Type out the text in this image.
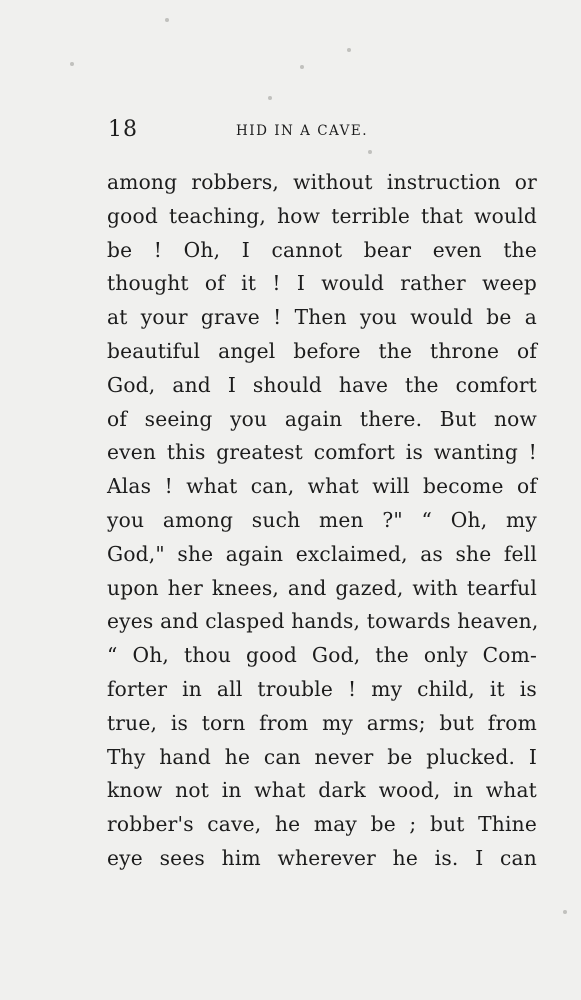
18	HID IN A CAVE.
among robbers, without instruction or
good teaching, how terrible that would
be ! Oh, I cannot bear even the
thought of it ! I would rather weep
at your grave ! Then you would be a
beautiful angel before the throne of
God, and I should have the comfort
of seeing you again there. But now
even this greatest comfort is wanting !
Alas ! what can, what will become of
you among such men ?" “ Oh, my
God," she again exclaimed, as she fell
upon her knees, and gazed, with tearful
eyes and clasped hands, towards heaven,
“ Oh, thou good God, the only Com-
forter in all trouble ! my child, it is
true, is torn from my arms; but from
Thy hand he can never be plucked. I
know not in what dark wood, in what
robber's cave, he may be ; but Thine
eye sees him wherever he is. I can
